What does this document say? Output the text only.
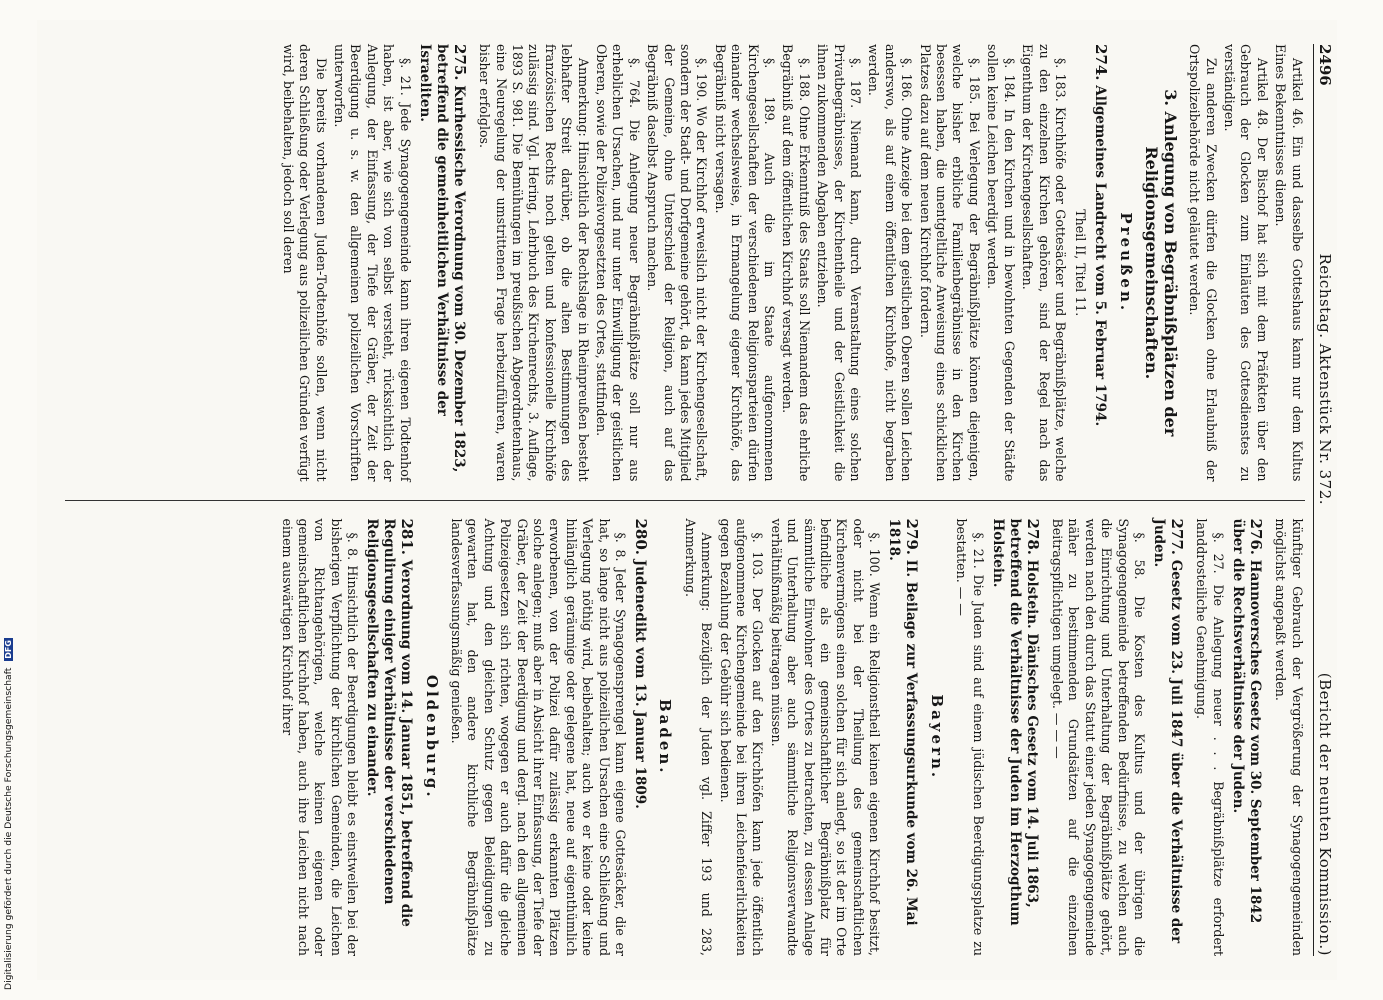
Digitalisierung gefördert durch die Deutsche Forschungsgemeinschaft DFG
2496
Reichstag. Aktenstück Nr. 372.
(Bericht der neunten Kommission.)

Artikel 46. Ein und dasselbe Gotteshaus kann nur dem Kultus Eines Bekenntnisses dienen.

Artikel 48. Der Bischof hat sich mit dem Präfekten über den Gebrauch der Glocken zum Einläuten des Gottesdienstes zu verständigen.

Zu anderen Zwecken dürfen die Glocken ohne Erlaubniß der Ortspolizeibehörde nicht geläutet werden.

3. Anlegung von Begräbnißplätzen der Religionsgemeinschaften.
Preußen.
274. Allgemeines Landrecht vom 5. Februar 1794.

Theil II, Titel 11.

§. 183. Kirchhöfe oder Gottesäcker und Begräbnißplätze, welche zu den einzelnen Kirchen gehören, sind der Regel nach das Eigenthum der Kirchengesellschaften.

§. 184. In den Kirchen und in bewohnten Gegenden der Städte sollen keine Leichen beerdigt werden.

§. 185. Bei Verlegung der Begräbnißplätze können diejenigen, welche bisher erbliche Familienbegräbnisse in den Kirchen besessen haben, die unentgeltliche Anweisung eines schicklichen Platzes dazu auf dem neuen Kirchhof fordern.

§. 186. Ohne Anzeige bei dem geistlichen Oberen sollen Leichen anderswo, als auf einem öffentlichen Kirchhofe, nicht begraben werden.

§. 187. Niemand kann, durch Veranstaltung eines solchen Privatbegräbnisses, der Kirchentheile und der Geistlichkeit die ihnen zukommenden Abgaben entziehen.

§. 188. Ohne Erkenntniß des Staats soll Niemandem das ehrliche Begräbniß auf dem öffentlichen Kirchhof versagt werden.

§. 189. Auch die im Staate aufgenommenen Kirchengesellschaften der verschiedenen Religionsparteien dürfen einander wechselsweise, in Ermangelung eigener Kirchhöfe, das Begräbniß nicht versagen.

§. 190. Wo der Kirchhof erweislich nicht der Kirchengesellschaft, sondern der Stadt- und Dorfgemeine gehört, da kann jedes Mitglied der Gemeine, ohne Unterschied der Religion, auch auf das Begräbniß daselbst Anspruch machen.

§. 764. Die Anlegung neuer Begräbnißplätze soll nur aus erheblichen Ursachen, und nur unter Einwilligung der geistlichen Oberen, sowie der Polizeivorgesetzten des Ortes, stattfinden.

Anmerkung: Hinsichtlich der Rechtslage in Rheinpreußen besteht lebhafter Streit darüber, ob die alten Bestimmungen des französischen Rechts noch gelten und konfessionelle Kirchhöfe zulässig sind. Vgl. Hering, Lehrbuch des Kirchenrechts, 3. Auflage, 1893 S. 981. Die Bemühungen im preußischen Abgeordnetenhaus, eine Neuregelung der umstrittenen Frage herbeizuführen, waren bisher erfolglos.

275. Kurhessische Verordnung vom 30. Dezember 1823, betreffend die gemeinheitlichen Verhältnisse der Israeliten.

§. 21. Jede Synagogengemeinde kann ihren eigenen Todtenhof haben, ist aber, wie sich von selbst versteht, rücksichtlich der Anlegung, der Einfassung, der Tiefe der Gräber, der Zeit der Beerdigung u. s. w. den allgemeinen polizeilichen Vorschriften unterworfen.

Die bereits vorhandenen Juden-Todtenhöfe sollen, wenn nicht deren Schließung oder Verlegung aus polizeilichen Gründen verfügt wird, beibehalten, jedoch soll deren

künftiger Gebrauch der Vergrößerung der Synagogengemeinden möglichst angepaßt werden.

276. Hannoversches Gesetz vom 30. September 1842 über die Rechtsverhältnisse der Juden.

§. 27. Die Anlegung neuer . . . Begräbnißplätze erfordert landdrosteiliche Genehmigung.

277. Gesetz vom 23. Juli 1847 über die Verhältnisse der Juden.

§. 58. Die Kosten des Kultus und der übrigen die Synagogengemeinde betreffenden Bedürfnisse, zu welchen auch die Einrichtung und Unterhaltung der Begräbnißplätze gehört, werden nach den durch das Statut einer jeden Synagogengemeinde näher zu bestimmenden Grundsätzen auf die einzelnen Beitragspflichtigen umgelegt. — — —

278. Holstein. Dänisches Gesetz vom 14. Juli 1863, betreffend die Verhältnisse der Juden im Herzogthum Holstein.

§. 21. Die Juden sind auf einem jüdischen Beerdigungsplatze zu bestatten. — —

Bayern.
279. II. Beilage zur Verfassungsurkunde vom 26. Mai 1818.

§. 100. Wenn ein Religionstheil keinen eigenen Kirchhof besitzt, oder nicht bei der Theilung des gemeinschaftlichen Kirchenvermögens einen solchen für sich anlegt, so ist der im Orte befindliche als ein gemeinschaftlicher Begräbnißplatz für sämmtliche Einwohner des Ortes zu betrachten, zu dessen Anlage und Unterhaltung aber auch sämmtliche Religionsverwandte verhältnißmäßig beitragen müssen.

§. 103. Der Glocken auf den Kirchhöfen kann jede öffentlich aufgenommene Kirchengemeinde bei ihren Leichenfeierlichkeiten gegen Bezahlung der Gebühr sich bedienen.

Anmerkung: Bezüglich der Juden vgl. Ziffer 193 und 283, Anmerkung.

Baden.
280. Judenedikt vom 13. Januar 1809.

§. 8. Jeder Synagogensprengel kann eigene Gottesäcker, die er hat, so lange nicht aus polizeilichen Ursachen eine Schließung und Verlegung nöthig wird, beibehalten; auch wo er keine oder keine hinlänglich geräumige oder gelegene hat, neue auf eigenthümlich erworbenen, von der Polizei dafür zulässig erkannten Plätzen solche anlegen; muß aber in Absicht ihrer Einfassung, der Tiefe der Gräber, der Zeit der Beerdigung und dergl. nach den allgemeinen Polizeigesetzen sich richten, wogegen er auch dafür die gleiche Achtung und den gleichen Schutz gegen Beleidigungen zu gewarten hat, den andere kirchliche Begräbnißplätze landesverfassungsmäßig genießen.

Oldenburg.
281. Verordnung vom 14. Januar 1851, betreffend die Regulirung einiger Verhältnisse der verschiedenen Religionsgesellschaften zu einander.

§. 8. Hinsichtlich der Beerdigungen bleibt es einstweilen bei der bisherigen Verpflichtung der kirchlichen Gemeinden, die Leichen von Richtangehörigen, welche keinen eigenen oder gemeinschaftlichen Kirchhof haben, auch ihre Leichen nicht nach einem auswärtigen Kirchhof ihrer
